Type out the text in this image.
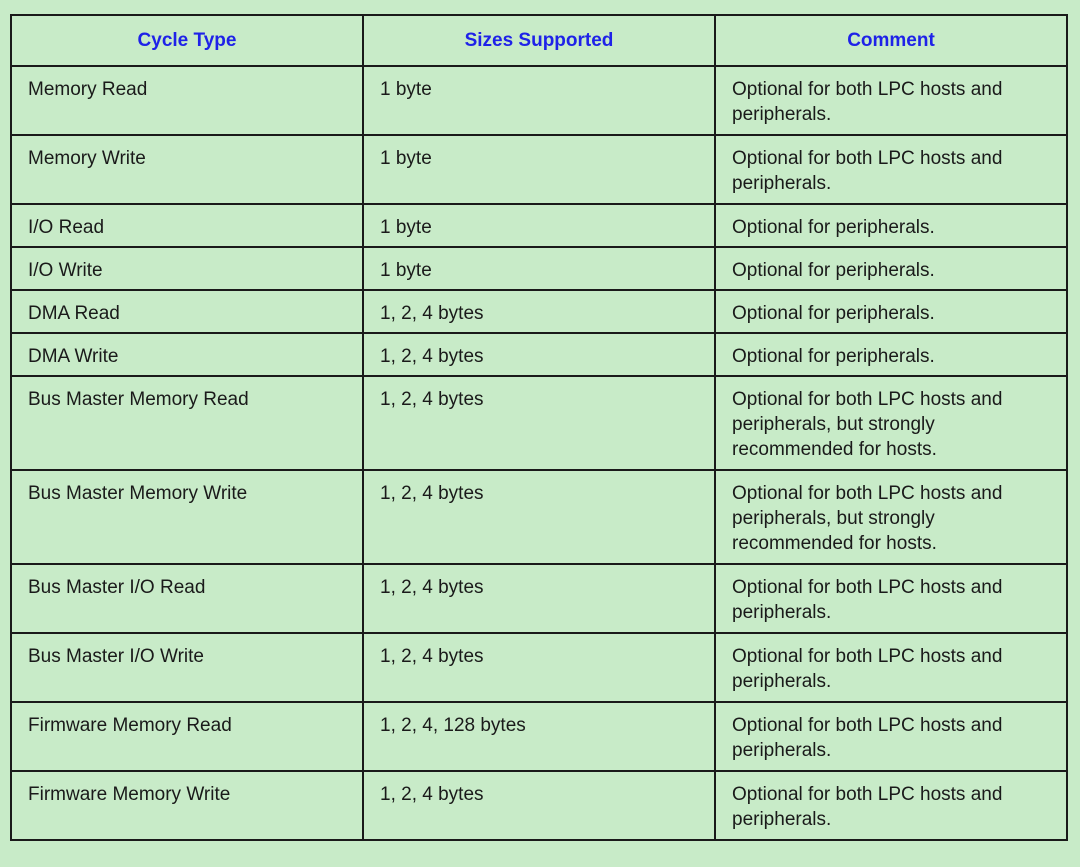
Cycle Type	Sizes Supported	Comment
Memory Read	1 byte	Optional for both LPC hosts and peripherals.
Memory Write	1 byte	Optional for both LPC hosts and peripherals.
I/O Read	1 byte	Optional for peripherals.
I/O Write	1 byte	Optional for peripherals.
DMA Read	1, 2, 4 bytes	Optional for peripherals.
DMA Write	1, 2, 4 bytes	Optional for peripherals.
Bus Master Memory Read	1, 2, 4 bytes	Optional for both LPC hosts and peripherals, but strongly recommended for hosts.
Bus Master Memory Write	1, 2, 4 bytes	Optional for both LPC hosts and peripherals, but strongly recommended for hosts.
Bus Master I/O Read	1, 2, 4 bytes	Optional for both LPC hosts and peripherals.
Bus Master I/O Write	1, 2, 4 bytes	Optional for both LPC hosts and peripherals.
Firmware Memory Read	1, 2, 4, 128 bytes	Optional for both LPC hosts and peripherals.
Firmware Memory Write	1, 2, 4 bytes	Optional for both LPC hosts and peripherals.
